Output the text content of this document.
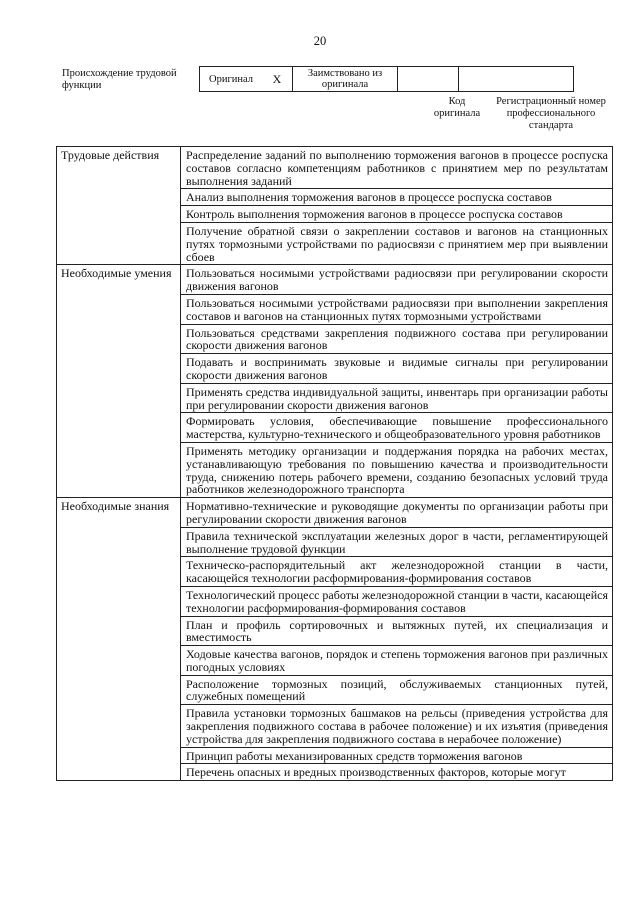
20
Происхождение трудовой функции
Оригинал	X	Заимствовано из оригинала		
Код оригинала
Регистрационный номер профессионального стандарта
Трудовые действия	Распределение заданий по выполнению торможения вагонов в процессе роспуска составов согласно компетенциям работников с принятием мер по результатам выполнения заданий
	Анализ выполнения торможения вагонов в процессе роспуска составов
	Контроль выполнения торможения вагонов в процессе роспуска составов
	Получение обратной связи о закреплении составов и вагонов на станционных путях тормозными устройствами по радиосвязи с принятием мер при выявлении сбоев
Необходимые умения	Пользоваться носимыми устройствами радиосвязи при регулировании скорости движения вагонов
	Пользоваться носимыми устройствами радиосвязи при выполнении закрепления составов и вагонов на станционных путях тормозными устройствами
	Пользоваться средствами закрепления подвижного состава при регулировании скорости движения вагонов
	Подавать и воспринимать звуковые и видимые сигналы при регулировании скорости движения вагонов
	Применять средства индивидуальной защиты, инвентарь при организации работы при регулировании скорости движения вагонов
	Формировать условия, обеспечивающие повышение профессионального мастерства, культурно-технического и общеобразовательного уровня работников
	Применять методику организации и поддержания порядка на рабочих местах, устанавливающую требования по повышению качества и производительности труда, снижению потерь рабочего времени, созданию безопасных условий труда работников железнодорожного транспорта
Необходимые знания	Нормативно-технические и руководящие документы по организации работы при регулировании скорости движения вагонов
	Правила технической эксплуатации железных дорог в части, регламентирующей выполнение трудовой функции
	Техническо-распорядительный акт железнодорожной станции в части, касающейся технологии расформирования-формирования составов
	Технологический процесс работы железнодорожной станции в части, касающейся технологии расформирования-формирования составов
	План и профиль сортировочных и вытяжных путей, их специализация и вместимость
	Ходовые качества вагонов, порядок и степень торможения вагонов при различных погодных условиях
	Расположение тормозных позиций, обслуживаемых станционных путей, служебных помещений
	Правила установки тормозных башмаков на рельсы (приведения устройства для закрепления подвижного состава в рабочее положение) и их изъятия (приведения устройства для закрепления подвижного состава в нерабочее положение)
	Принцип работы механизированных средств торможения вагонов
	Перечень опасных и вредных производственных факторов, которые могут
